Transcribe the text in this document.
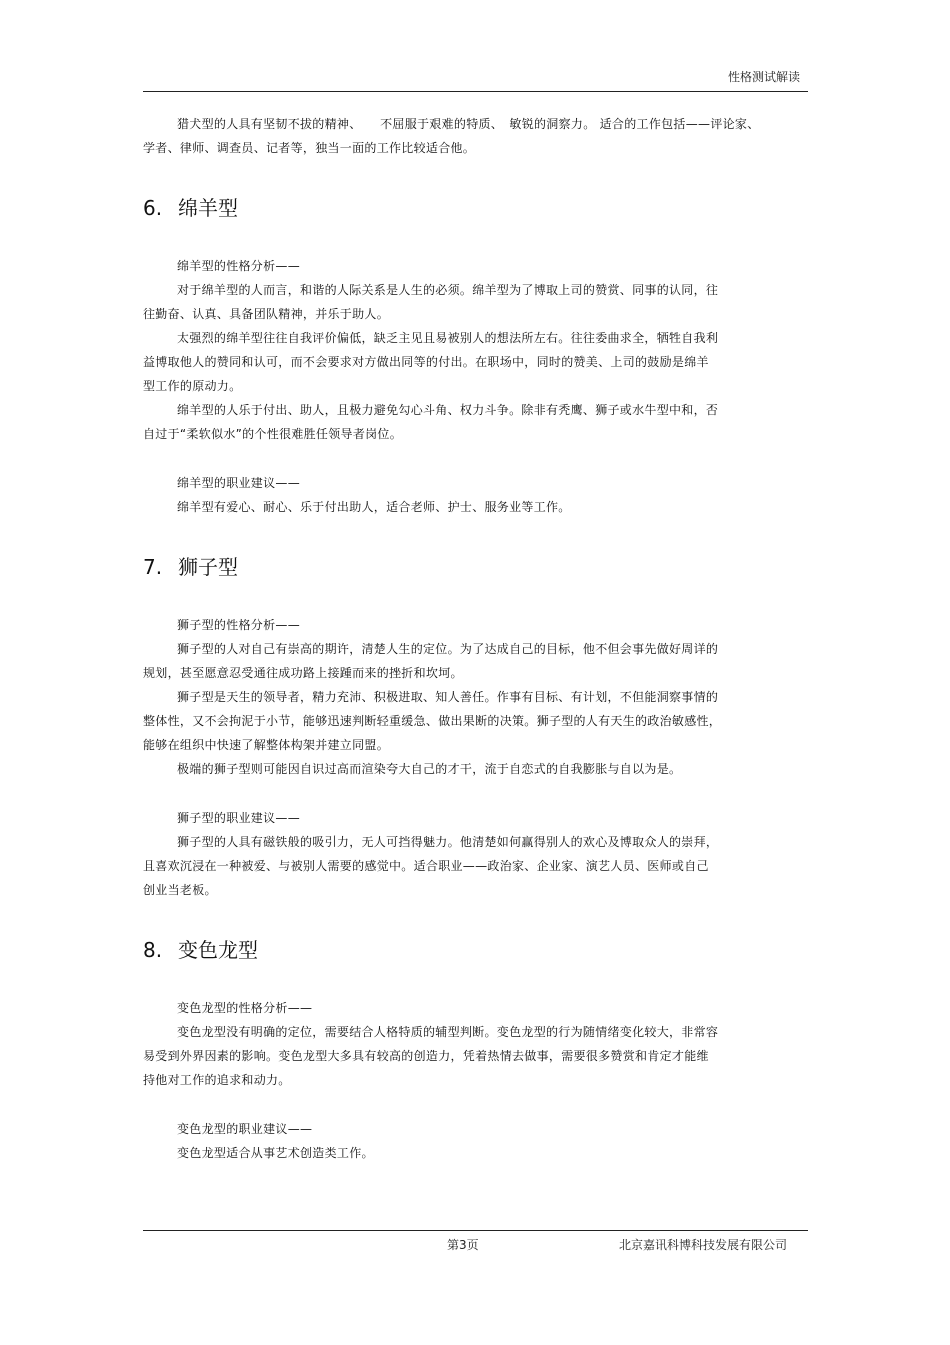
性格测试解读

猎犬型的人具有坚韧不拔的精神、　　不屈服于艰难的特质、　敏锐的洞察力。 适合的工作包括——评论家、

学者、律师、调查员、记者等，独当一面的工作比较适合他。

6. 绵羊型

绵羊型的性格分析——

对于绵羊型的人而言，和谐的人际关系是人生的必须。绵羊型为了博取上司的赞赏、同事的认同，往

往勤奋、认真、具备团队精神，并乐于助人。

太强烈的绵羊型往往自我评价偏低，缺乏主见且易被别人的想法所左右。往往委曲求全，牺牲自我利

益博取他人的赞同和认可，而不会要求对方做出同等的付出。在职场中，同时的赞美、上司的鼓励是绵羊

型工作的原动力。

绵羊型的人乐于付出、助人，且极力避免勾心斗角、权力斗争。除非有秃鹰、狮子或水牛型中和，否

自过于“柔软似水”的个性很难胜任领导者岗位。

绵羊型的职业建议——

绵羊型有爱心、耐心、乐于付出助人，适合老师、护士、服务业等工作。

7. 狮子型

狮子型的性格分析——

狮子型的人对自己有崇高的期许，清楚人生的定位。为了达成自己的目标，他不但会事先做好周详的

规划，甚至愿意忍受通往成功路上接踵而来的挫折和坎坷。

狮子型是天生的领导者，精力充沛、积极进取、知人善任。作事有目标、有计划，不但能洞察事情的

整体性，又不会拘泥于小节，能够迅速判断轻重缓急、做出果断的决策。狮子型的人有天生的政治敏感性，

能够在组织中快速了解整体构架并建立同盟。

极端的狮子型则可能因自识过高而渲染夸大自己的才干，流于自恋式的自我膨胀与自以为是。

狮子型的职业建议——

狮子型的人具有磁铁般的吸引力，无人可挡得魅力。他清楚如何赢得别人的欢心及博取众人的崇拜，

且喜欢沉浸在一种被爱、与被别人需要的感觉中。适合职业——政治家、企业家、演艺人员、医师或自己

创业当老板。

8. 变色龙型

变色龙型的性格分析——

变色龙型没有明确的定位，需要结合人格特质的辅型判断。变色龙型的行为随情绪变化较大，非常容

易受到外界因素的影响。变色龙型大多具有较高的创造力，凭着热情去做事，需要很多赞赏和肯定才能维

持他对工作的追求和动力。

变色龙型的职业建议——

变色龙型适合从事艺术创造类工作。

第3页	北京嘉讯科博科技发展有限公司
